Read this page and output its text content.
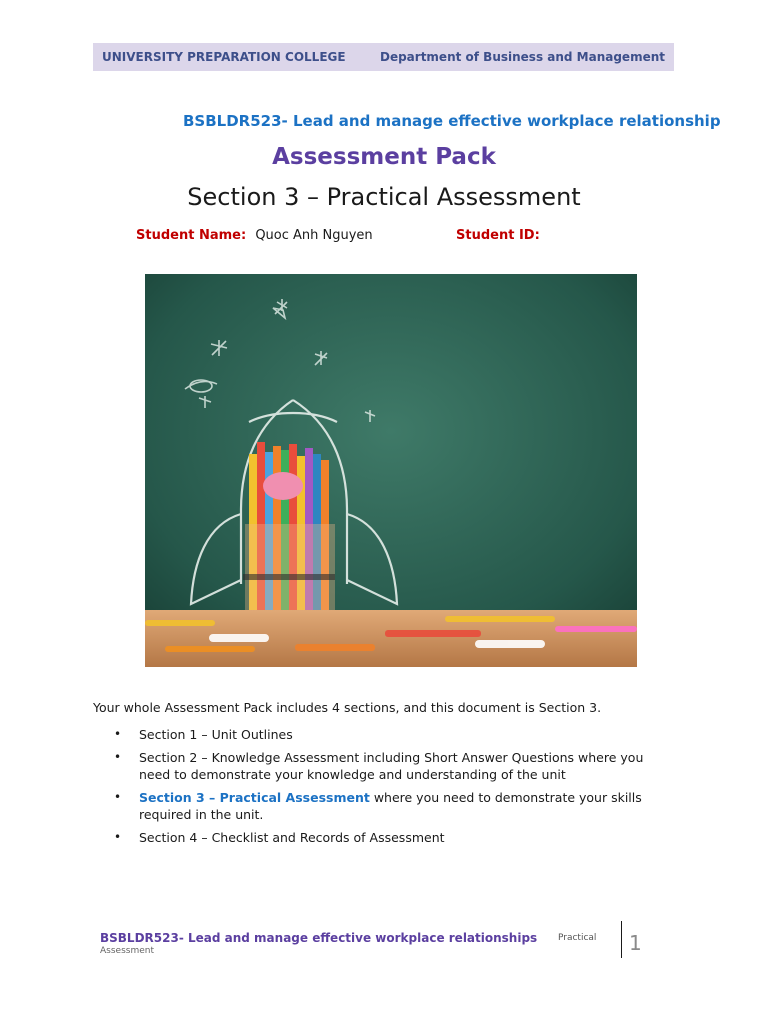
UNIVERSITY PREPARATION COLLEGE	Department of Business and Management
BSBLDR523- Lead and manage effective workplace relationship
Assessment Pack
Section 3 – Practical Assessment
Student Name: Quoc Anh Nguyen	Student ID:
Your whole Assessment Pack includes 4 sections, and this document is Section 3.
• Section 1 – Unit Outlines
• Section 2 – Knowledge Assessment including Short Answer Questions where you need to demonstrate your knowledge and understanding of the unit
• Section 3 – Practical Assessment where you need to demonstrate your skills required in the unit.
• Section 4 – Checklist and Records of Assessment
BSBLDR523- Lead and manage effective workplace relationships
Assessment
Practical 1
